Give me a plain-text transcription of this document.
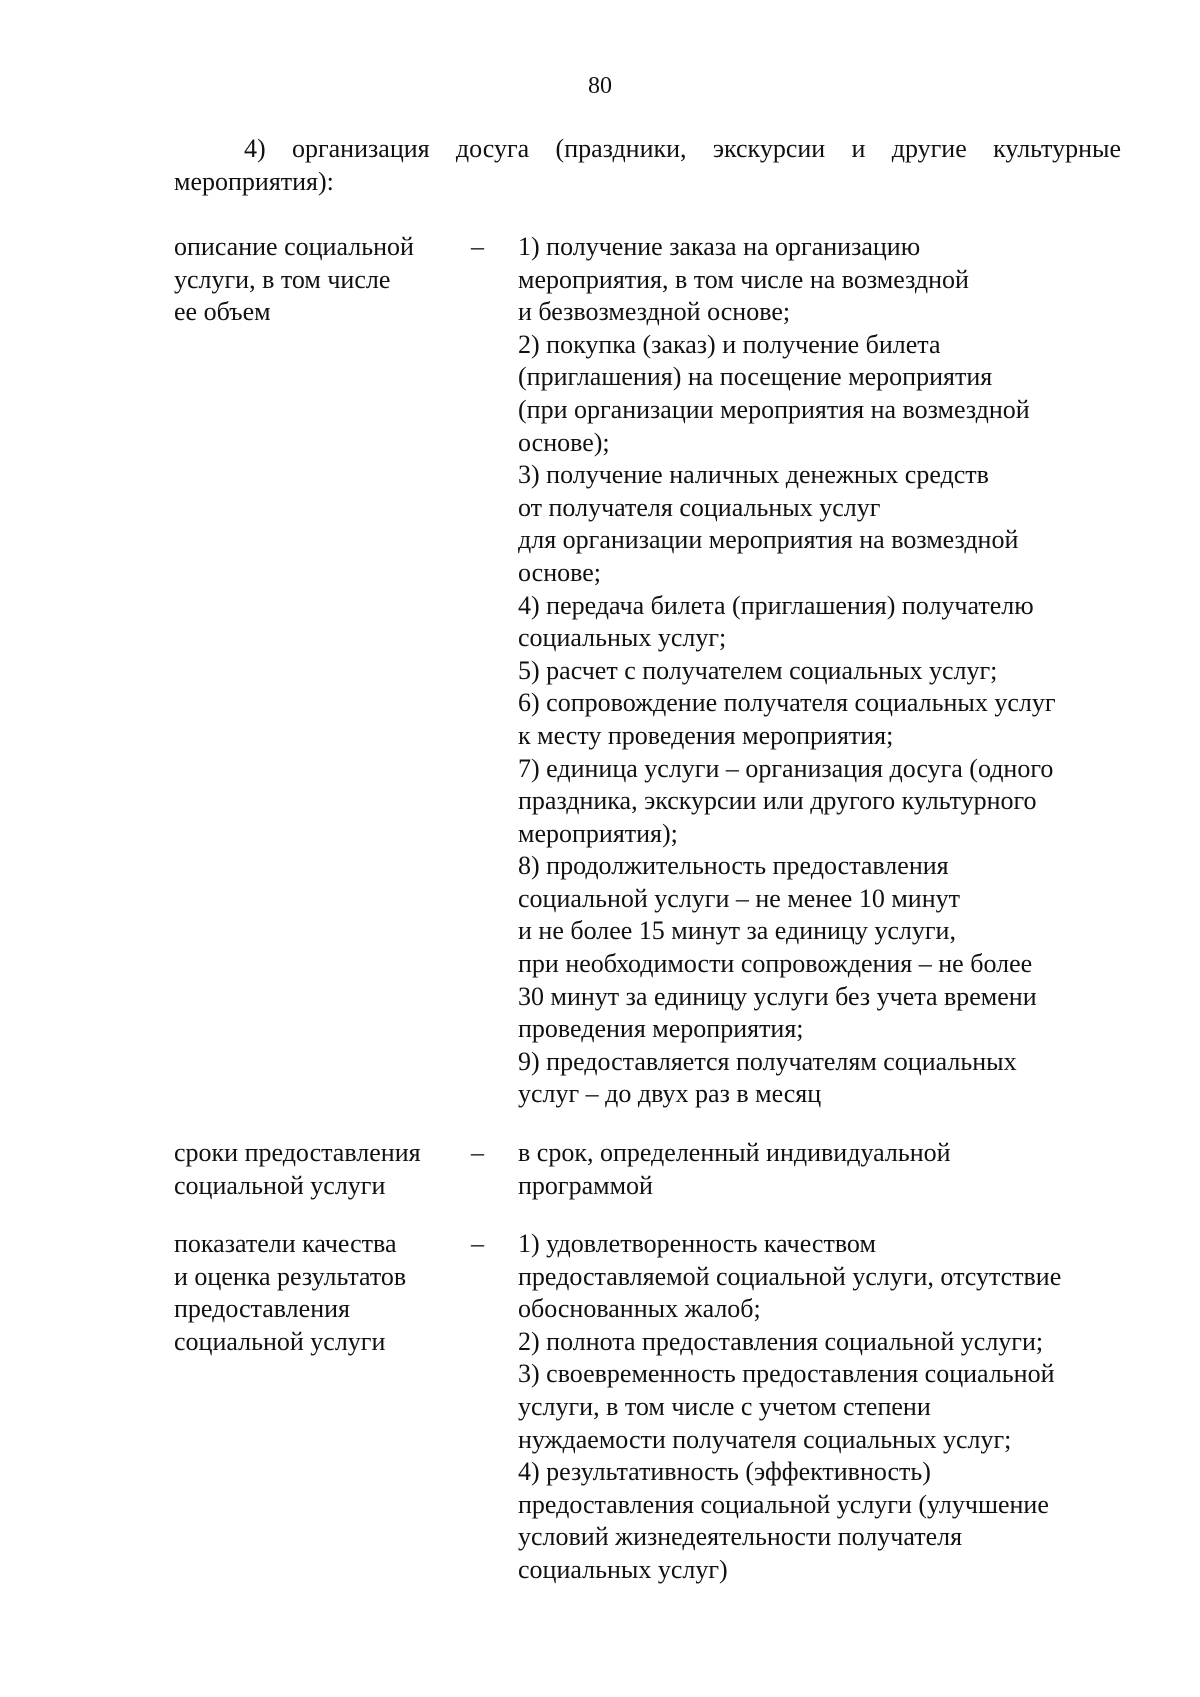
80
4) организация досуга (праздники, экскурсии и другие культурные
мероприятия):
описание социальной
услуги, в том числе
ее объем
–	1) получение заказа на организацию
мероприятия, в том числе на возмездной
и безвозмездной основе;
2) покупка (заказ) и получение билета
(приглашения) на посещение мероприятия
(при организации мероприятия на возмездной
основе);
3) получение наличных денежных средств
от получателя социальных услуг
для организации мероприятия на возмездной
основе;
4) передача билета (приглашения) получателю
социальных услуг;
5) расчет с получателем социальных услуг;
6) сопровождение получателя социальных услуг
к месту проведения мероприятия;
7) единица услуги – организация досуга (одного
праздника, экскурсии или другого культурного
мероприятия);
8) продолжительность предоставления
социальной услуги – не менее 10 минут
и не более 15 минут за единицу услуги,
при необходимости сопровождения – не более
30 минут за единицу услуги без учета времени
проведения мероприятия;
9) предоставляется получателям социальных
услуг – до двух раз в месяц
сроки предоставления
социальной услуги
–	в срок, определенный индивидуальной
программой
показатели качества
и оценка результатов
предоставления
социальной услуги
–	1) удовлетворенность качеством
предоставляемой социальной услуги, отсутствие
обоснованных жалоб;
2) полнота предоставления социальной услуги;
3) своевременность предоставления социальной
услуги, в том числе с учетом степени
нуждаемости получателя социальных услуг;
4) результативность (эффективность)
предоставления социальной услуги (улучшение
условий жизнедеятельности получателя
социальных услуг)
